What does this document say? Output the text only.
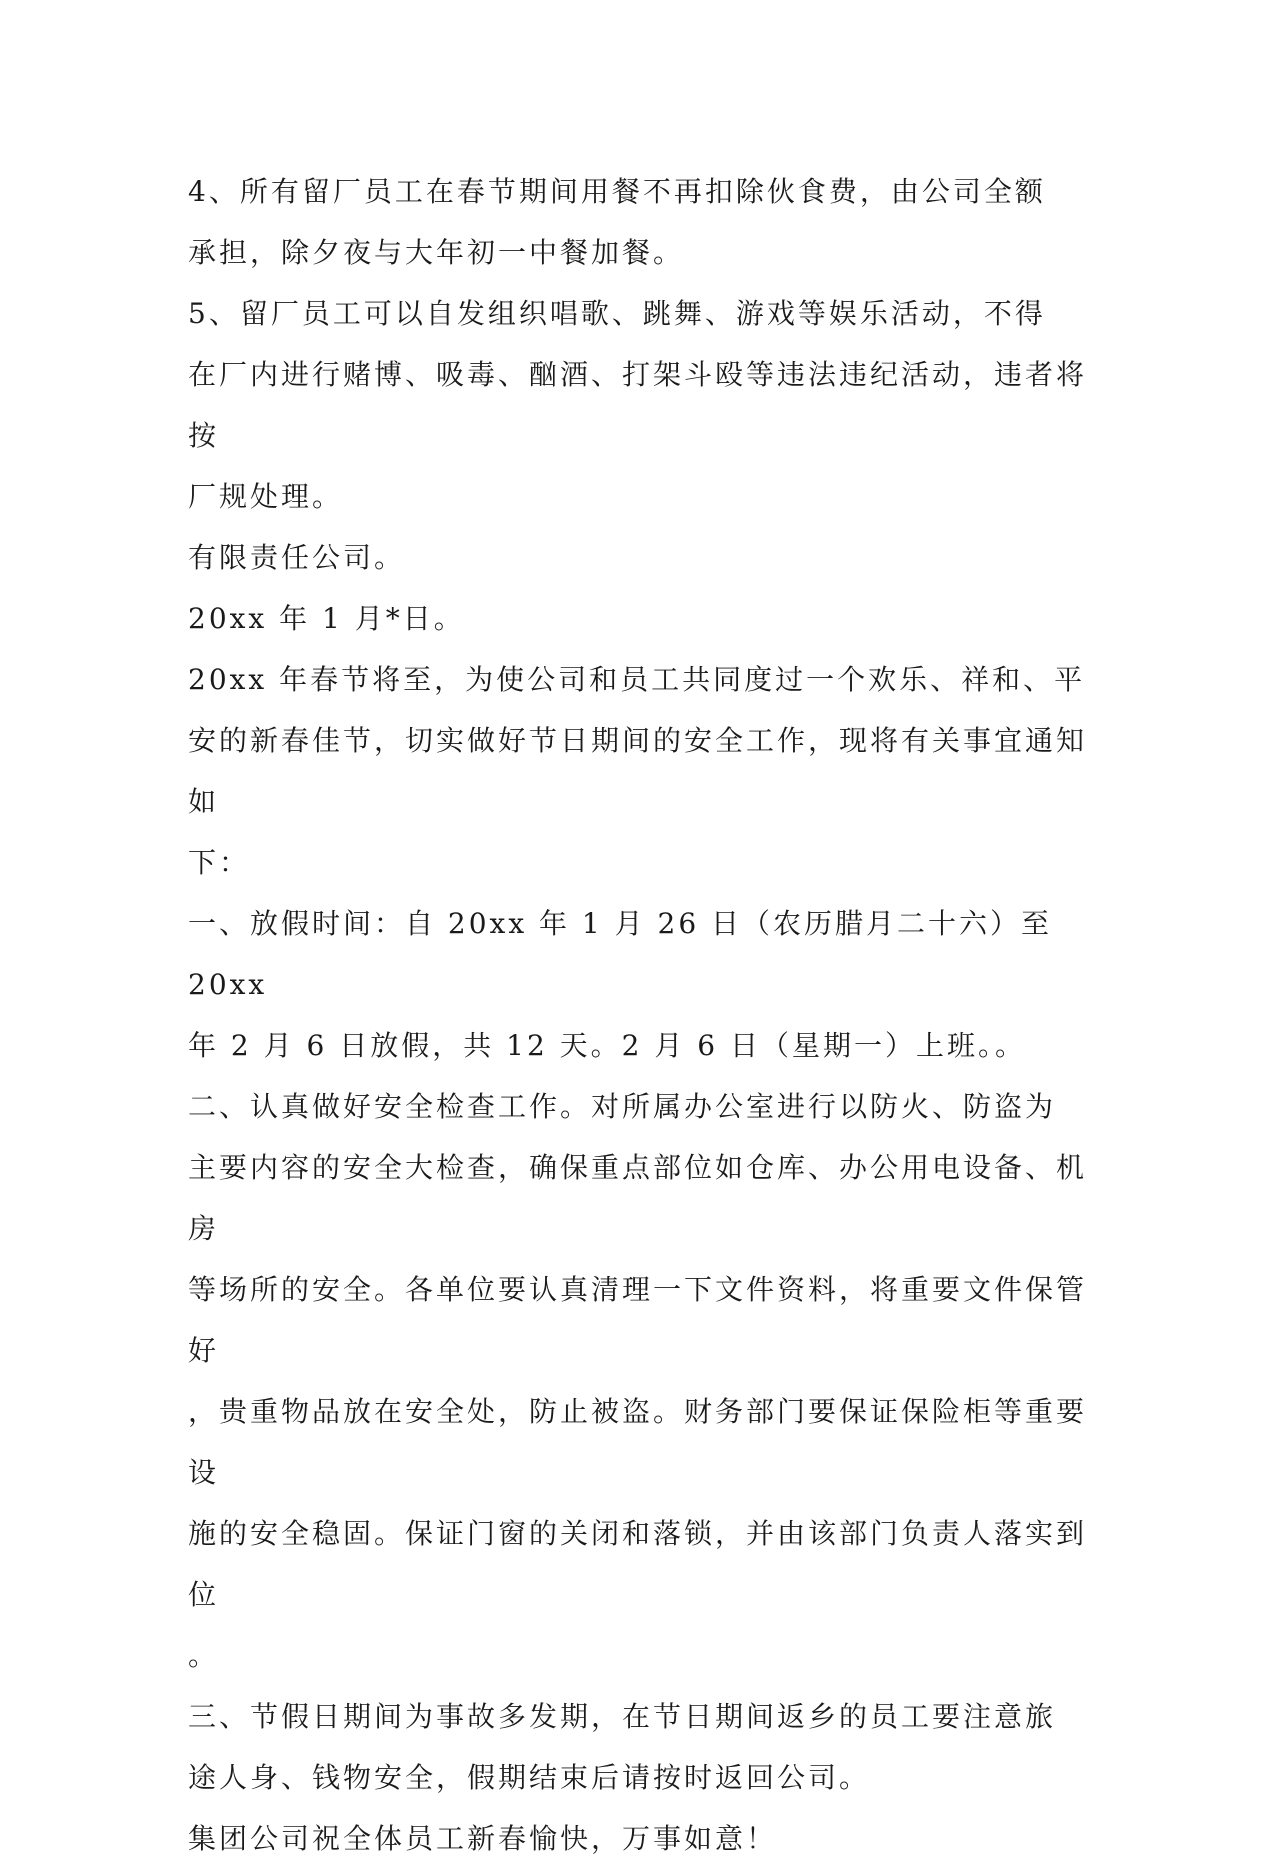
4、所有留厂员工在春节期间用餐不再扣除伙食费，由公司全额
承担，除夕夜与大年初一中餐加餐。

5、留厂员工可以自发组织唱歌、跳舞、游戏等娱乐活动，不得
在厂内进行赌博、吸毒、酗酒、打架斗殴等违法违纪活动，违者将按
厂规处理。

有限责任公司。

20xx 年 1 月*日。

20xx 年春节将至，为使公司和员工共同度过一个欢乐、祥和、平
安的新春佳节，切实做好节日期间的安全工作，现将有关事宜通知如
下：

一、放假时间：自 20xx 年 1 月 26 日（农历腊月二十六）至 20xx
年 2 月 6 日放假，共 12 天。2 月 6 日（星期一）上班。。

二、认真做好安全检查工作。对所属办公室进行以防火、防盗为
主要内容的安全大检查，确保重点部位如仓库、办公用电设备、机房
等场所的安全。各单位要认真清理一下文件资料，将重要文件保管好
，贵重物品放在安全处，防止被盗。财务部门要保证保险柜等重要设
施的安全稳固。保证门窗的关闭和落锁，并由该部门负责人落实到位
。

三、节假日期间为事故多发期，在节日期间返乡的员工要注意旅
途人身、钱物安全，假期结束后请按时返回公司。

集团公司祝全体员工新春愉快，万事如意！
